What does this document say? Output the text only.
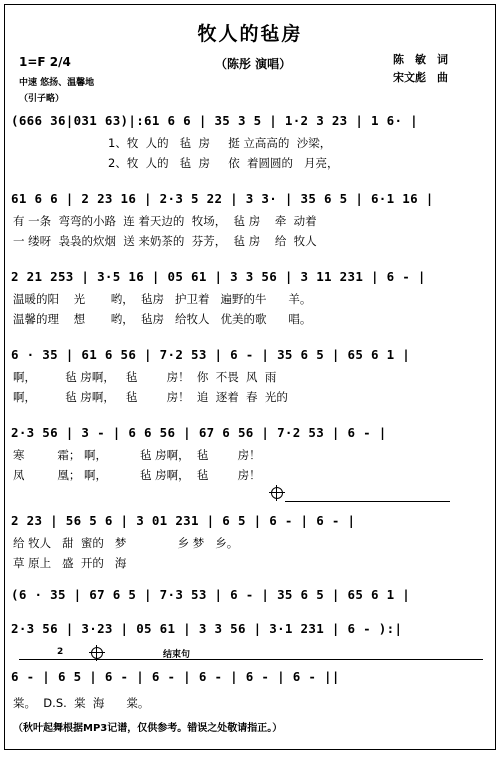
牧人的毡房
（陈彤 演唱）	陈　敏　词
宋文彪　曲
1=F 2/4
中速 悠扬、温馨地
（引子略）
(666 36|031 63)|:61 6 6 | 35 3 5 | 1·2 3 23 | 1 6· |
1、牧  人的   毡  房     挺 立高高的  沙梁，
2、牧  人的   毡  房     依  着圆圆的   月亮，
61 6 6 | 2 23 16 | 2·3 5 22 | 3 3· | 35 6 5 | 6·1 16 |
有 一条  弯弯的小路  连 着天边的  牧场，  毡 房    牵  动着
一 缕呀  袅袅的炊烟  送 来奶茶的  芬芳，  毡 房    给  牧人
2 21 253 | 3·5 16 | 05 61 | 3 3 56 | 3 11 231 | 6 - |
温暖的阳    光       哟，  毡房   护卫着   遍野的牛      羊。
温馨的理    想       哟，  毡房   给牧人   优美的歌      唱。
6 · 35 | 61 6 56 | 7·2 53 | 6 - | 35 6 5 | 65 6 1 |
啊，        毡 房啊，   毡        房！  你  不畏  风  雨
啊，        毡 房啊，   毡        房！  追  逐着  春  光的
2·3 56 | 3 - | 6 6 56 | 67 6 56 | 7·2 53 | 6 - |
寒         霜； 啊，         毡 房啊，  毡        房！
凤         凰； 啊，         毡 房啊，  毡        房！
2 23 | 56 5 6 | 3 01 231 | 6 5 | 6 - | 6 - |
给 牧人   甜  蜜的   梦              乡 梦   乡。
草 原上   盛  开的   海
(6 · 35 | 67 6 5 | 7·3 53 | 6 - | 35 6 5 | 65 6 1 |
2·3 56 | 3·23 | 05 61 | 3 3 56 | 3·1 231 | 6 - ):|
2	结束句
6 - | 6 5 | 6 - | 6 - | 6 - | 6 - | 6 - ||
棠。  D.S.  棠  海      棠。
（秋叶起舞根据MP3记谱，仅供参考。错误之处敬请指正。）
